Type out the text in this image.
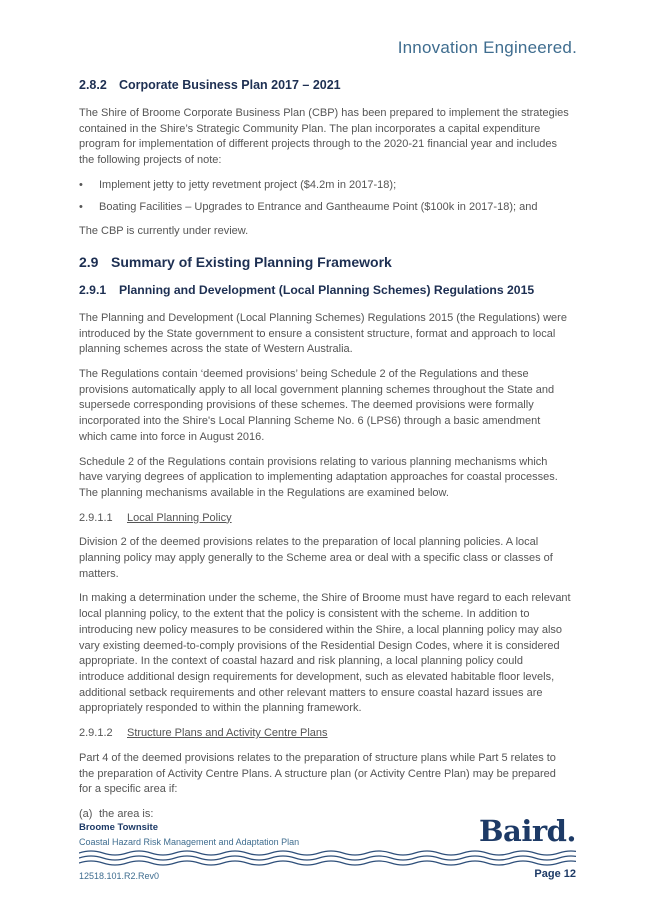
Innovation Engineered.
2.8.2 Corporate Business Plan 2017 – 2021

The Shire of Broome Corporate Business Plan (CBP) has been prepared to implement the strategies contained in the Shire’s Strategic Community Plan. The plan incorporates a capital expenditure program for implementation of different projects through to the 2020-21 financial year and includes the following projects of note:

• Implement jetty to jetty revetment project ($4.2m in 2017-18);
• Boating Facilities – Upgrades to Entrance and Gantheaume Point ($100k in 2017-18); and

The CBP is currently under review.

2.9 Summary of Existing Planning Framework
2.9.1 Planning and Development (Local Planning Schemes) Regulations 2015

The Planning and Development (Local Planning Schemes) Regulations 2015 (the Regulations) were introduced by the State government to ensure a consistent structure, format and approach to local planning schemes across the state of Western Australia.

The Regulations contain ‘deemed provisions’ being Schedule 2 of the Regulations and these provisions automatically apply to all local government planning schemes throughout the State and supersede corresponding provisions of these schemes. The deemed provisions were formally incorporated into the Shire's Local Planning Scheme No. 6 (LPS6) through a basic amendment which came into force in August 2016.

Schedule 2 of the Regulations contain provisions relating to various planning mechanisms which have varying degrees of application to implementing adaptation approaches for coastal processes. The planning mechanisms available in the Regulations are examined below.

2.9.1.1 Local Planning Policy

Division 2 of the deemed provisions relates to the preparation of local planning policies. A local planning policy may apply generally to the Scheme area or deal with a specific class or classes of matters.

In making a determination under the scheme, the Shire of Broome must have regard to each relevant local planning policy, to the extent that the policy is consistent with the scheme. In addition to introducing new policy measures to be considered within the Shire, a local planning policy may also vary existing deemed-to-comply provisions of the Residential Design Codes, where it is considered appropriate. In the context of coastal hazard and risk planning, a local planning policy could introduce additional design requirements for development, such as elevated habitable floor levels, additional setback requirements and other relevant matters to ensure coastal hazard issues are appropriately responded to within the planning framework.

2.9.1.2 Structure Plans and Activity Centre Plans

Part 4 of the deemed provisions relates to the preparation of structure plans while Part 5 relates to the preparation of Activity Centre Plans. A structure plan (or Activity Centre Plan) may be prepared for a specific area if:

(a) the area is:

Broome Townsite
Coastal Hazard Risk Management and Adaptation Plan	Baird.
12518.101.R2.Rev0	Page 12
